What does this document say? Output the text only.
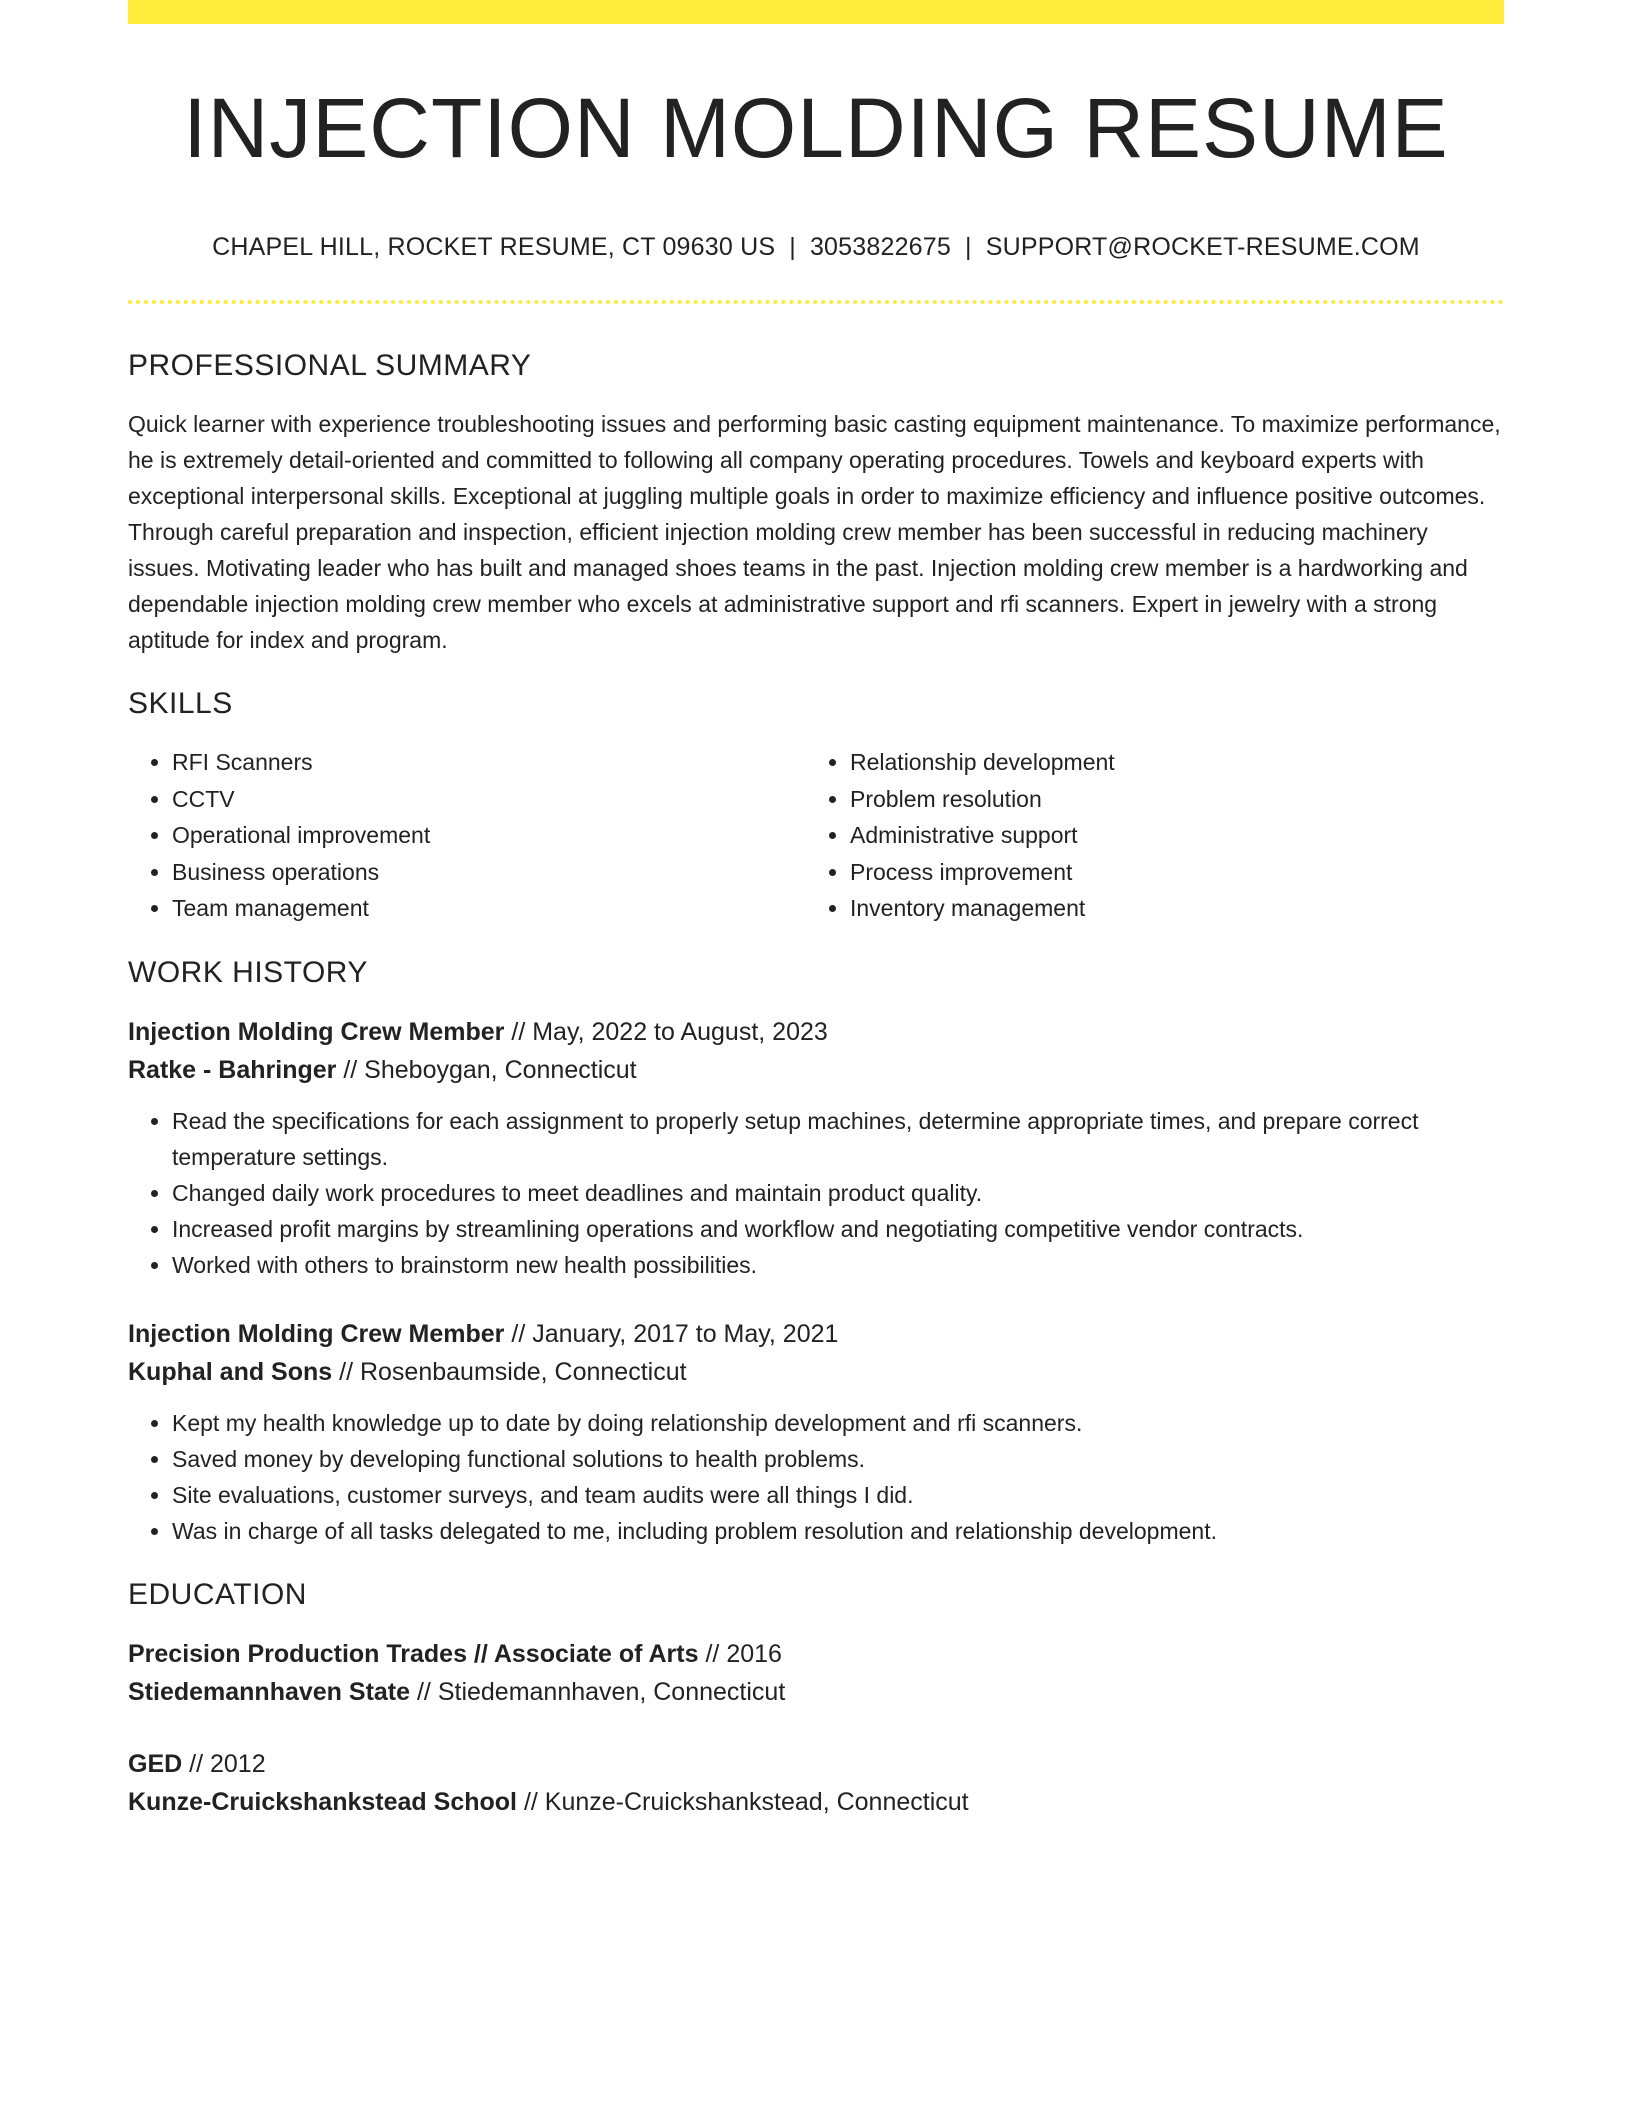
INJECTION MOLDING RESUME
CHAPEL HILL, ROCKET RESUME, CT 09630 US | 3053822675 | SUPPORT@ROCKET-RESUME.COM
PROFESSIONAL SUMMARY

Quick learner with experience troubleshooting issues and performing basic casting equipment maintenance. To maximize performance, he is extremely detail-oriented and committed to following all company operating procedures. Towels and keyboard experts with exceptional interpersonal skills. Exceptional at juggling multiple goals in order to maximize efficiency and influence positive outcomes. Through careful preparation and inspection, efficient injection molding crew member has been successful in reducing machinery issues. Motivating leader who has built and managed shoes teams in the past. Injection molding crew member is a hardworking and dependable injection molding crew member who excels at administrative support and rfi scanners. Expert in jewelry with a strong aptitude for index and program.

SKILLS
• RFI Scanners
• CCTV
• Operational improvement
• Business operations
• Team management
• Relationship development
• Problem resolution
• Administrative support
• Process improvement
• Inventory management
WORK HISTORY
Injection Molding Crew Member // May, 2022 to August, 2023
Ratke - Bahringer // Sheboygan, Connecticut
• Read the specifications for each assignment to properly setup machines, determine appropriate times, and prepare correct temperature settings.
• Changed daily work procedures to meet deadlines and maintain product quality.
• Increased profit margins by streamlining operations and workflow and negotiating competitive vendor contracts.
• Worked with others to brainstorm new health possibilities.
Injection Molding Crew Member // January, 2017 to May, 2021
Kuphal and Sons // Rosenbaumside, Connecticut
• Kept my health knowledge up to date by doing relationship development and rfi scanners.
• Saved money by developing functional solutions to health problems.
• Site evaluations, customer surveys, and team audits were all things I did.
• Was in charge of all tasks delegated to me, including problem resolution and relationship development.
EDUCATION
Precision Production Trades // Associate of Arts // 2016
Stiedemannhaven State // Stiedemannhaven, Connecticut
GED // 2012
Kunze-Cruickshankstead School // Kunze-Cruickshankstead, Connecticut
